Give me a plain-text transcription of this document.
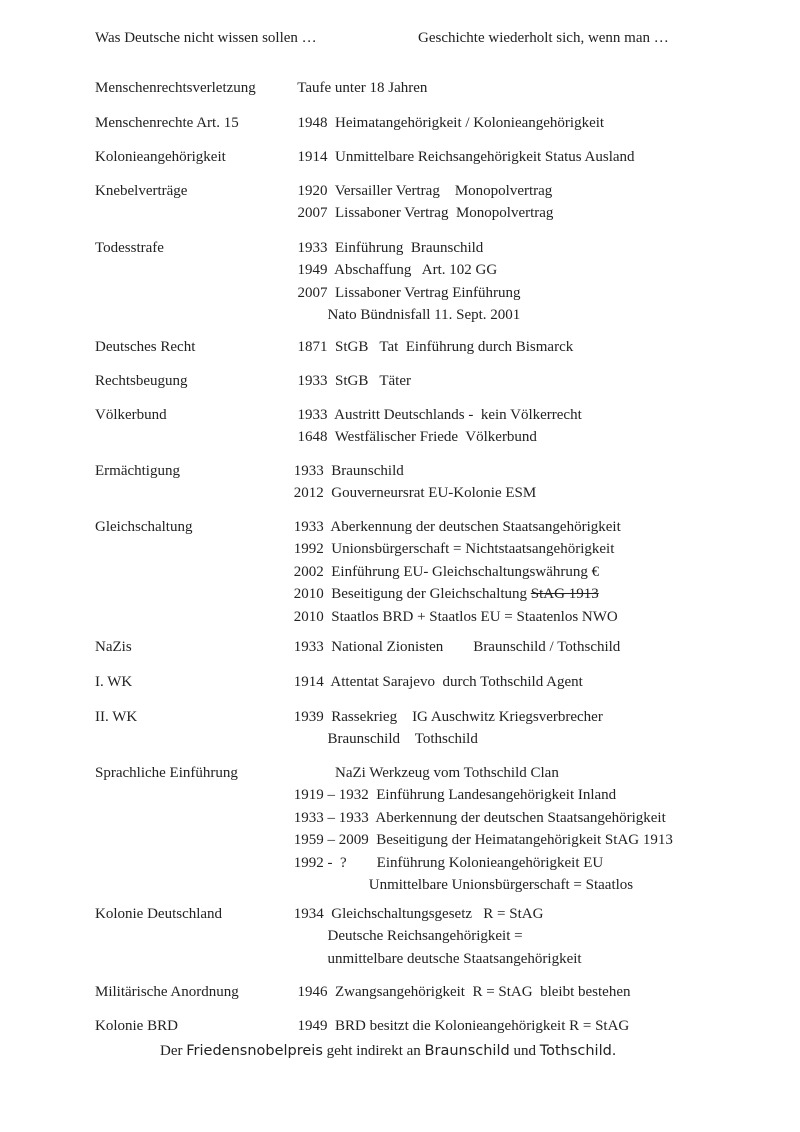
Was Deutsche nicht wissen sollen …	Geschichte wiederholt sich, wenn man …
Menschenrechtsverletzung Taufe unter 18 Jahren
Menschenrechte Art. 15	1948  Heimatangehörigkeit / Kolonieangehörigkeit
Kolonieangehörigkeit	1914  Unmittelbare Reichsangehörigkeit Status Ausland
Knebelverträge	1920  Versailler Vertrag    Monopolvertrag
2007  Lissaboner Vertrag  Monopolvertrag
Todesstrafe	1933  Einführung  Braunschild
1949  Abschaffung   Art. 102 GG
2007  Lissaboner Vertrag Einführung
Nato Bündnisfall 11. Sept. 2001
Deutsches Recht	1871  StGB   Tat  Einführung durch Bismarck
Rechtsbeugung	1933  StGB   Täter
Völkerbund	1933  Austritt Deutschlands -  kein Völkerrecht
1648  Westfälischer Friede  Völkerbund
Ermächtigung	1933  Braunschild
2012  Gouverneursrat EU-Kolonie ESM
Gleichschaltung	1933  Aberkennung der deutschen Staatsangehörigkeit
1992  Unionsbürgerschaft = Nichtstaatsangehörigkeit
2002  Einführung EU- Gleichschaltungswährung €
2010  Beseitigung der Gleichschaltung StAG 1913
2010  Staatlos BRD + Staatlos EU = Staatenlos NWO
NaZis	1933  National Zionisten        Braunschild / Tothschild
I. WK	1914  Attentat Sarajevo  durch Tothschild Agent
II. WK	1939  Rassekrieg    IG Auschwitz Kriegsverbrecher
Braunschild    Tothschild
Sprachliche Einführung	NaZi Werkzeug vom Tothschild Clan
1919 – 1932  Einführung Landesangehörigkeit Inland
1933 – 1933  Aberkennung der deutschen Staatsangehörigkeit
1959 – 2009  Beseitigung der Heimatangehörigkeit StAG 1913
1992 -  ?        Einführung Kolonieangehörigkeit EU
Unmittelbare Unionsbürgerschaft = Staatlos
Kolonie Deutschland	1934  Gleichschaltungsgesetz   R = StAG
Deutsche Reichsangehörigkeit =
unmittelbare deutsche Staatsangehörigkeit
Militärische Anordnung	1946  Zwangsangehörigkeit  R = StAG  bleibt bestehen
Kolonie BRD	1949  BRD besitzt die Kolonieangehörigkeit R = StAG
Der Friedensnobelpreis geht indirekt an Braunschild und Tothschild.
